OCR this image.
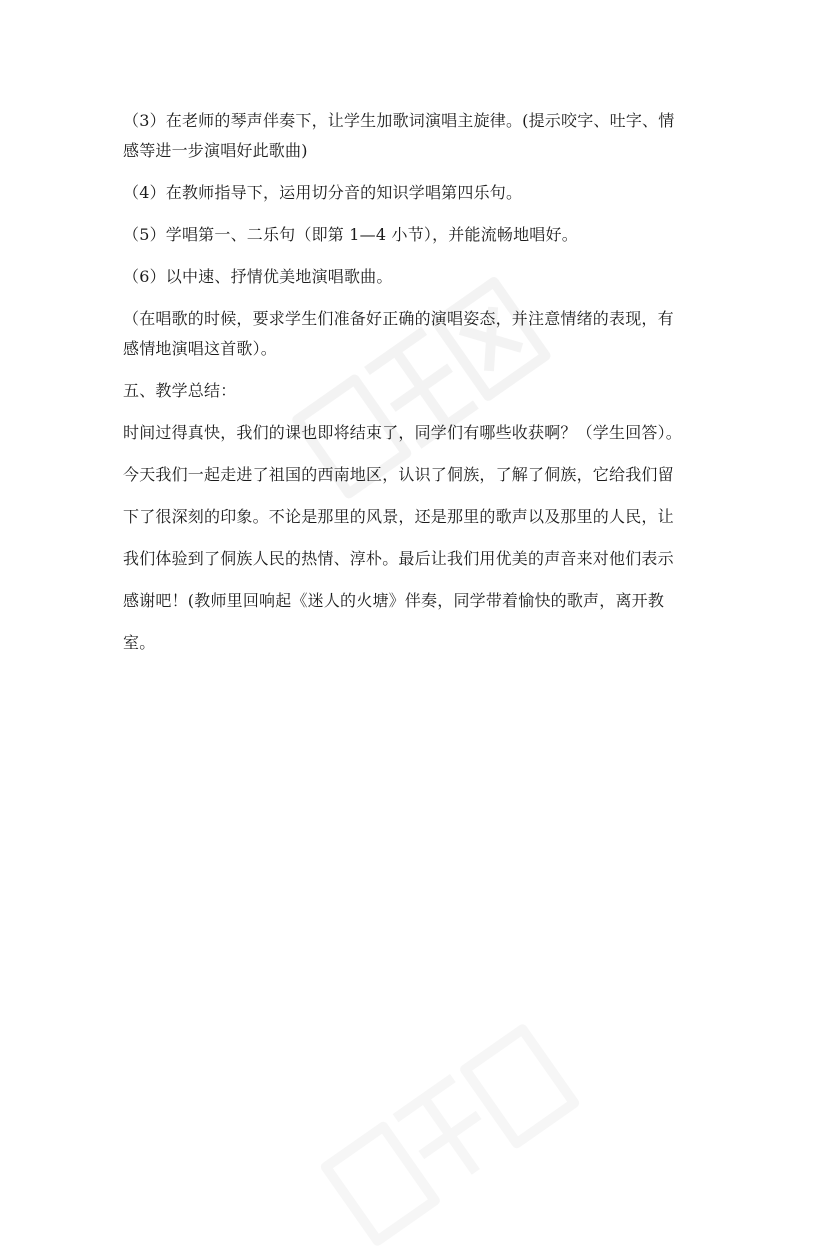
（3）在老师的琴声伴奏下，让学生加歌词演唱主旋律。(提示咬字、吐字、情
感等进一步演唱好此歌曲)
（4）在教师指导下，运用切分音的知识学唱第四乐句。
（5）学唱第一、二乐句（即第 1—4 小节），并能流畅地唱好。
（6）以中速、抒情优美地演唱歌曲。
（在唱歌的时候，要求学生们准备好正确的演唱姿态，并注意情绪的表现，有
感情地演唱这首歌）。
五、教学总结：
时间过得真快，我们的课也即将结束了，同学们有哪些收获啊？（学生回答）。
今天我们一起走进了祖国的西南地区，认识了侗族，了解了侗族，它给我们留
下了很深刻的印象。不论是那里的风景，还是那里的歌声以及那里的人民，让
我们体验到了侗族人民的热情、淳朴。最后让我们用优美的声音来对他们表示
感谢吧！(教师里回响起《迷人的火塘》伴奏，同学带着愉快的歌声，离开教
室。
